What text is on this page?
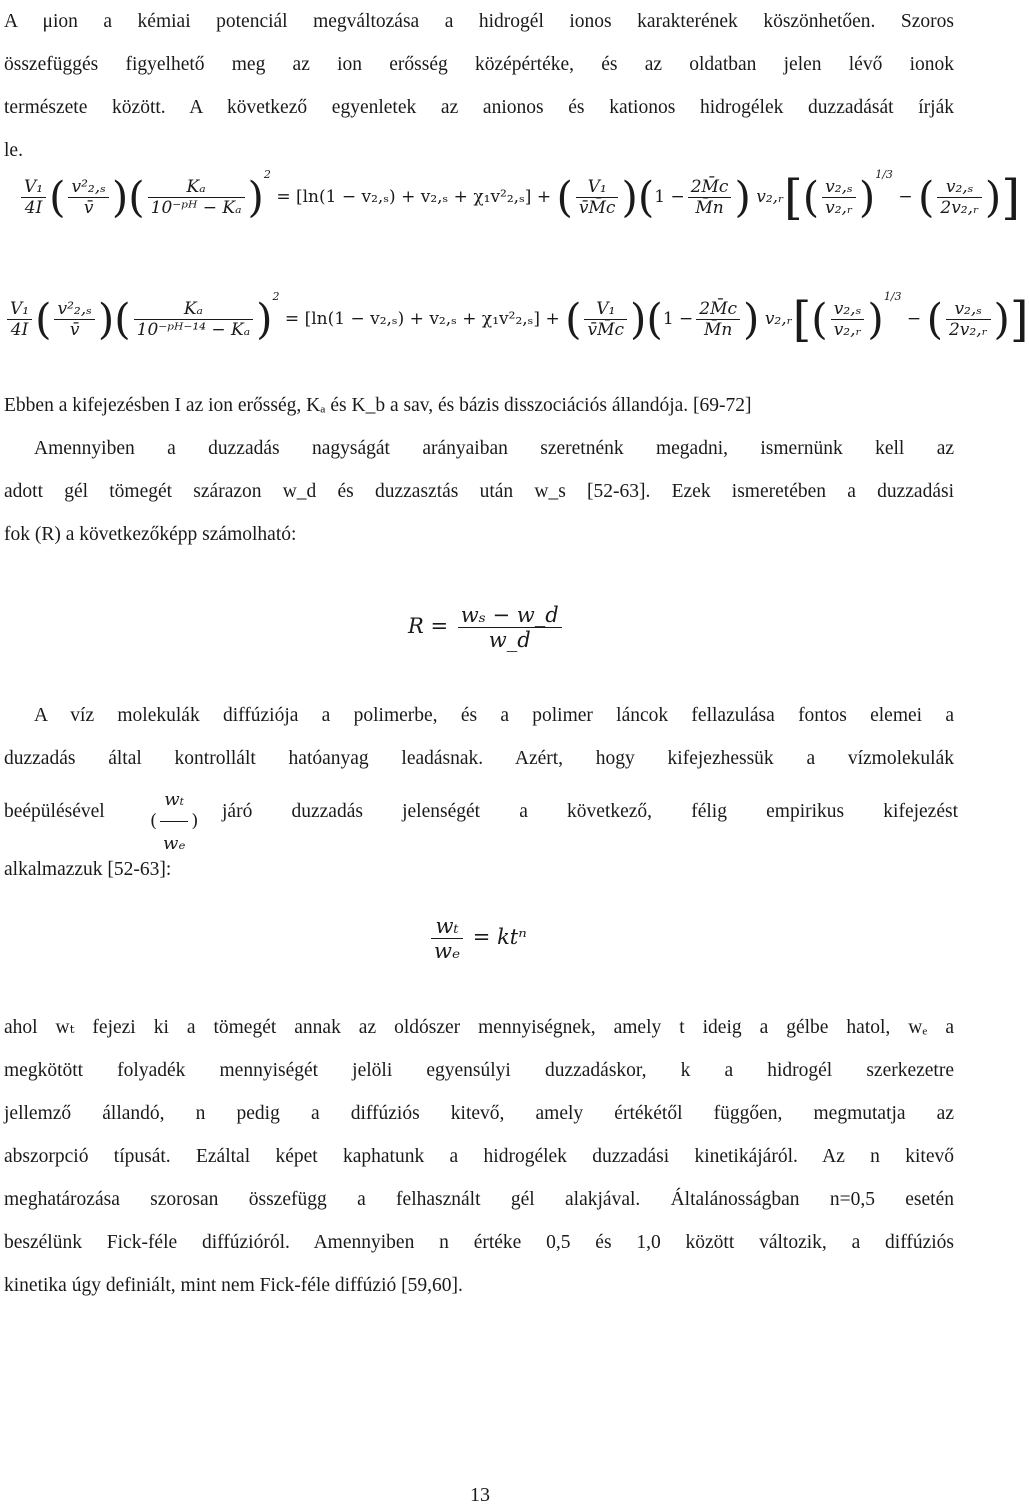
A μion a kémiai potenciál megváltozása a hidrogél ionos karakterének köszönhetően. Szoros
összefüggés figyelhető meg az ion erősség középértéke, és az oldatban jelen lévő ionok
természete között. A következő egyenletek az anionos és kationos hidrogélek duzzadását írják
le.
$\frac{\text{V₁}}{4I}$ ( $\frac{\text{v²₂,ₛ}}{v̄}$ )( $\frac{\text{Kₐ}}{\text{10⁻ᵖᴴ − Kₐ}} )^2 = [\ln(1 - v_2,_s) + v_2,_s + \chi_1v^2_2,_s]$ + ( $\frac{\text{V₁}}{v̄M̄c} )(1 - \frac{2M̄c}{M̄n}$ ) v₂,ᵣ[( $\frac{\text{v₂,ₛ}}{\text{v₂,ᵣ}} )^{1/3}$ − ( $\frac{\text{v₂,ₛ}}{\text{2v₂,ᵣ}}$ )]
$\frac{\text{V₁}}{4I}$ ( $\frac{\text{v²₂,ₛ}}{v̄}$ )( $\frac{\text{Kₐ}}{\text{10⁻ᵖᴴ⁻¹⁴ − Kₐ}} )^2 = [\ln(1 - v_2,_s) + v_2,_s + \chi_1v^2_2,_s]$ + ( $\frac{\text{V₁}}{v̄M̄c} )(1 - \frac{2M̄c}{M̄n}$ ) v₂,ᵣ[( $\frac{\text{v₂,ₛ}}{\text{v₂,ᵣ}} )^{1/3}$ − ( $\frac{\text{v₂,ₛ}}{\text{2v₂,ᵣ}}$ )]
Ebben a kifejezésben I az ion erősség, Kₐ és K_b a sav, és bázis disszociációs állandója. [69-72]
Amennyiben a duzzadás nagyságát arányaiban szeretnénk megadni, ismernünk kell az
adott gél tömegét szárazon w_d és duzzasztás után w_s [52-63]. Ezek ismeretében a duzzadási
fok (R) a következőképp számolható:
$R = \frac{\text{wₛ − w\_d}}{w\_d}$
A víz molekulák diffúziója a polimerbe, és a polimer láncok fellazulása fontos elemei a
duzzadás által kontrollált hatóanyag leadásnak. Azért, hogy kifejezhessük a vízmolekulák
beépülésével	( $\frac{\text{wₜ}}{\text{wₑ}}$ ) járó duzzadás jelenségét a következő, félig empirikus kifejezést
alkalmazzuk [52-63]:
$\frac{\text{wₜ}}{\text{wₑ}} = kt^n$
ahol wₜ fejezi ki a tömegét annak az oldószer mennyiségnek, amely t ideig a gélbe hatol, wₑ a
megkötött folyadék mennyiségét jelöli egyensúlyi duzzadáskor, k a hidrogél szerkezetre
jellemző állandó, n pedig a diffúziós kitevő, amely értékétől függően, megmutatja az
abszorpció típusát. Ezáltal képet kaphatunk a hidrogélek duzzadási kinetikájáról. Az n kitevő
meghatározása szorosan összefügg a felhasznált gél alakjával. Általánosságban n=0,5 esetén
beszélünk Fick-féle diffúzióról. Amennyiben n értéke 0,5 és 1,0 között változik, a diffúziós
kinetika úgy definiált, mint nem Fick-féle diffúzió [59,60].
13
